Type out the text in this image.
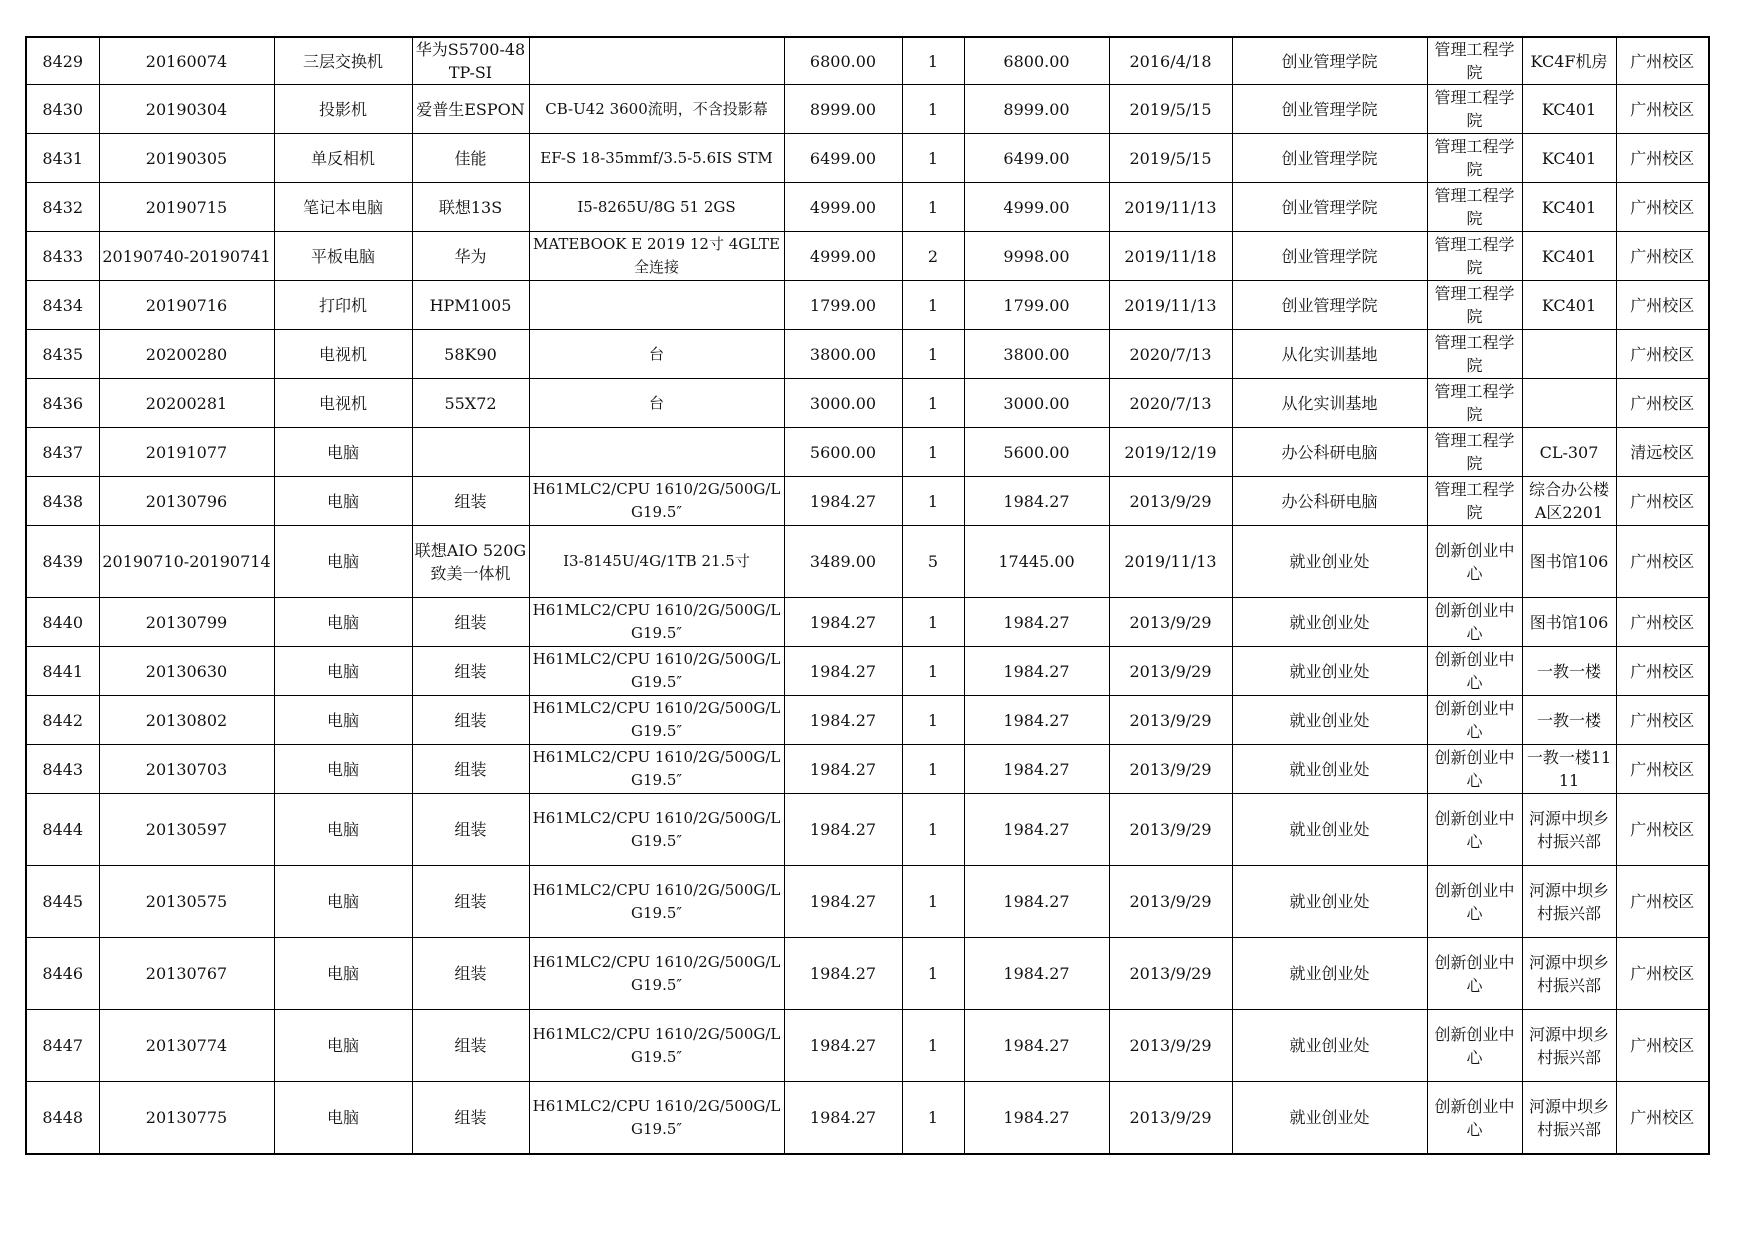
8429	20160074	三层交换机	华为S5700-48TP-SI		6800.00	1	6800.00	2016/4/18	创业管理学院	管理工程学院	KC4F机房	广州校区
8430	20190304	投影机	爱普生ESPON	CB-U42 3600流明，不含投影幕	8999.00	1	8999.00	2019/5/15	创业管理学院	管理工程学院	KC401	广州校区
8431	20190305	单反相机	佳能	EF-S 18-35mmf/3.5-5.6IS STM	6499.00	1	6499.00	2019/5/15	创业管理学院	管理工程学院	KC401	广州校区
8432	20190715	笔记本电脑	联想13S	I5-8265U/8G 51 2GS	4999.00	1	4999.00	2019/11/13	创业管理学院	管理工程学院	KC401	广州校区
8433	20190740-20190741	平板电脑	华为	MATEBOOK E 2019 12寸 4GLTE全连接	4999.00	2	9998.00	2019/11/18	创业管理学院	管理工程学院	KC401	广州校区
8434	20190716	打印机	HPM1005		1799.00	1	1799.00	2019/11/13	创业管理学院	管理工程学院	KC401	广州校区
8435	20200280	电视机	58K90	台	3800.00	1	3800.00	2020/7/13	从化实训基地	管理工程学院		广州校区
8436	20200281	电视机	55X72	台	3000.00	1	3000.00	2020/7/13	从化实训基地	管理工程学院		广州校区
8437	20191077	电脑			5600.00	1	5600.00	2019/12/19	办公科研电脑	管理工程学院	CL-307	清远校区
8438	20130796	电脑	组装	H61MLC2/CPU 1610/2G/500G/LG19.5″	1984.27	1	1984.27	2013/9/29	办公科研电脑	管理工程学院	综合办公楼A区2201	广州校区
8439	20190710-20190714	电脑	联想AIO 520G致美一体机	I3-8145U/4G/1TB 21.5寸	3489.00	5	17445.00	2019/11/13	就业创业处	创新创业中心	图书馆106	广州校区
8440	20130799	电脑	组装	H61MLC2/CPU 1610/2G/500G/LG19.5″	1984.27	1	1984.27	2013/9/29	就业创业处	创新创业中心	图书馆106	广州校区
8441	20130630	电脑	组装	H61MLC2/CPU 1610/2G/500G/LG19.5″	1984.27	1	1984.27	2013/9/29	就业创业处	创新创业中心	一教一楼	广州校区
8442	20130802	电脑	组装	H61MLC2/CPU 1610/2G/500G/LG19.5″	1984.27	1	1984.27	2013/9/29	就业创业处	创新创业中心	一教一楼	广州校区
8443	20130703	电脑	组装	H61MLC2/CPU 1610/2G/500G/LG19.5″	1984.27	1	1984.27	2013/9/29	就业创业处	创新创业中心	一教一楼1111	广州校区
8444	20130597	电脑	组装	H61MLC2/CPU 1610/2G/500G/LG19.5″	1984.27	1	1984.27	2013/9/29	就业创业处	创新创业中心	河源中坝乡村振兴部	广州校区
8445	20130575	电脑	组装	H61MLC2/CPU 1610/2G/500G/LG19.5″	1984.27	1	1984.27	2013/9/29	就业创业处	创新创业中心	河源中坝乡村振兴部	广州校区
8446	20130767	电脑	组装	H61MLC2/CPU 1610/2G/500G/LG19.5″	1984.27	1	1984.27	2013/9/29	就业创业处	创新创业中心	河源中坝乡村振兴部	广州校区
8447	20130774	电脑	组装	H61MLC2/CPU 1610/2G/500G/LG19.5″	1984.27	1	1984.27	2013/9/29	就业创业处	创新创业中心	河源中坝乡村振兴部	广州校区
8448	20130775	电脑	组装	H61MLC2/CPU 1610/2G/500G/LG19.5″	1984.27	1	1984.27	2013/9/29	就业创业处	创新创业中心	河源中坝乡村振兴部	广州校区
